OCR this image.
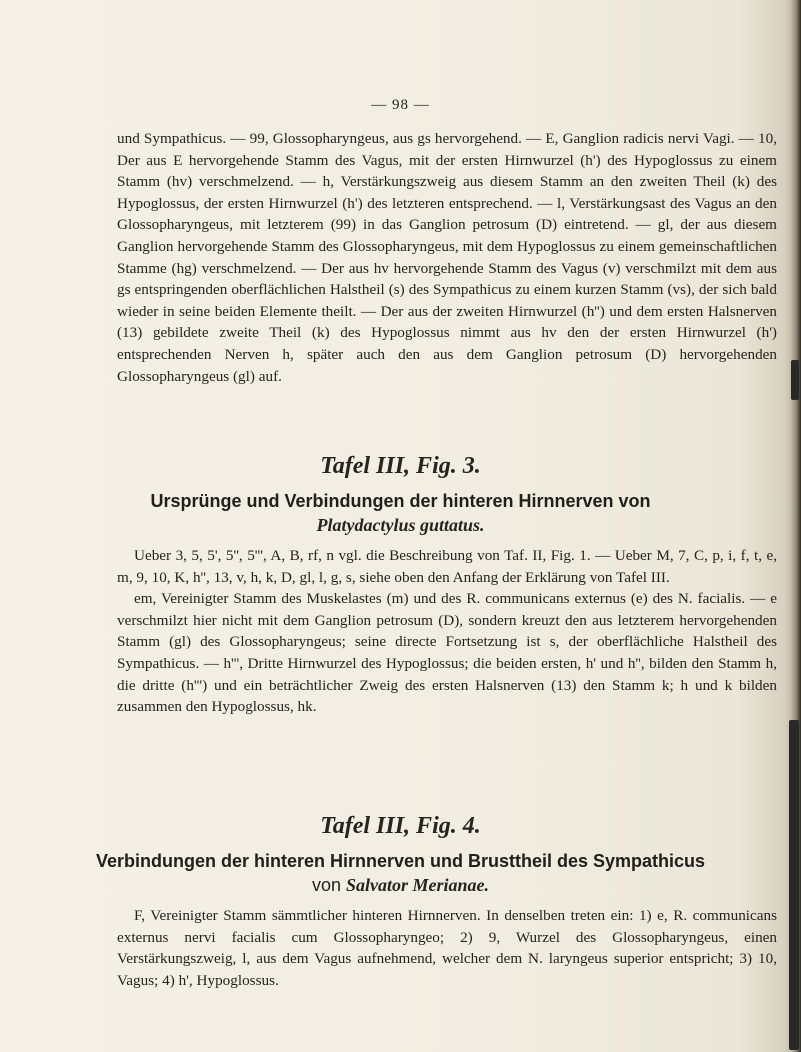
— 98 —

und Sympathicus. — 99, Glossopharyngeus, aus gs hervorgehend. — E, Ganglion radicis nervi Vagi. — 10, Der aus E hervorgehende Stamm des Vagus, mit der ersten Hirnwurzel (h') des Hypoglossus zu einem Stamm (hv) verschmelzend. — h, Verstärkungszweig aus diesem Stamm an den zweiten Theil (k) des Hypoglossus, der ersten Hirnwurzel (h') des letzteren entsprechend. — l, Verstärkungsast des Vagus an den Glossopharyngeus, mit letzterem (99) in das Ganglion petrosum (D) eintretend. — gl, der aus diesem Ganglion hervorgehende Stamm des Glossopharyngeus, mit dem Hypoglossus zu einem gemeinschaftlichen Stamme (hg) verschmelzend. — Der aus hv hervorgehende Stamm des Vagus (v) verschmilzt mit dem aus gs entspringenden oberflächlichen Halstheil (s) des Sympathicus zu einem kurzen Stamm (vs), der sich bald wieder in seine beiden Elemente theilt. — Der aus der zweiten Hirnwurzel (h'') und dem ersten Halsnerven (13) gebildete zweite Theil (k) des Hypoglossus nimmt aus hv den der ersten Hirnwurzel (h') entsprechenden Nerven h, später auch den aus dem Ganglion petrosum (D) hervorgehenden Glossopharyngeus (gl) auf.

Tafel III, Fig. 3.
Ursprünge und Verbindungen der hinteren Hirnnerven von
Platydactylus guttatus.

Ueber 3, 5, 5', 5'', 5''', A, B, rf, n vgl. die Beschreibung von Taf. II, Fig. 1. — Ueber M, 7, C, p, i, f, t, e, m, 9, 10, K, h'', 13, v, h, k, D, gl, l, g, s, siehe oben den Anfang der Erklärung von Tafel III.

em, Vereinigter Stamm des Muskelastes (m) und des R. communicans externus (e) des N. facialis. — e verschmilzt hier nicht mit dem Ganglion petrosum (D), sondern kreuzt den aus letzterem hervorgehenden Stamm (gl) des Glossopharyngeus; seine directe Fortsetzung ist s, der oberflächliche Halstheil des Sympathicus. — h''', Dritte Hirnwurzel des Hypoglossus; die beiden ersten, h' und h'', bilden den Stamm h, die dritte (h''') und ein beträchtlicher Zweig des ersten Halsnerven (13) den Stamm k; h und k bilden zusammen den Hypoglossus, hk.

Tafel III, Fig. 4.
Verbindungen der hinteren Hirnnerven und Brusttheil des Sympathicus
von Salvator Merianae.

F, Vereinigter Stamm sämmtlicher hinteren Hirnnerven. In denselben treten ein: 1) e, R. communicans externus nervi facialis cum Glossopharyngeo; 2) 9, Wurzel des Glossopharyngeus, einen Verstärkungszweig, l, aus dem Vagus aufnehmend, welcher dem N. laryngeus superior entspricht; 3) 10, Vagus; 4) h', Hypoglossus.
